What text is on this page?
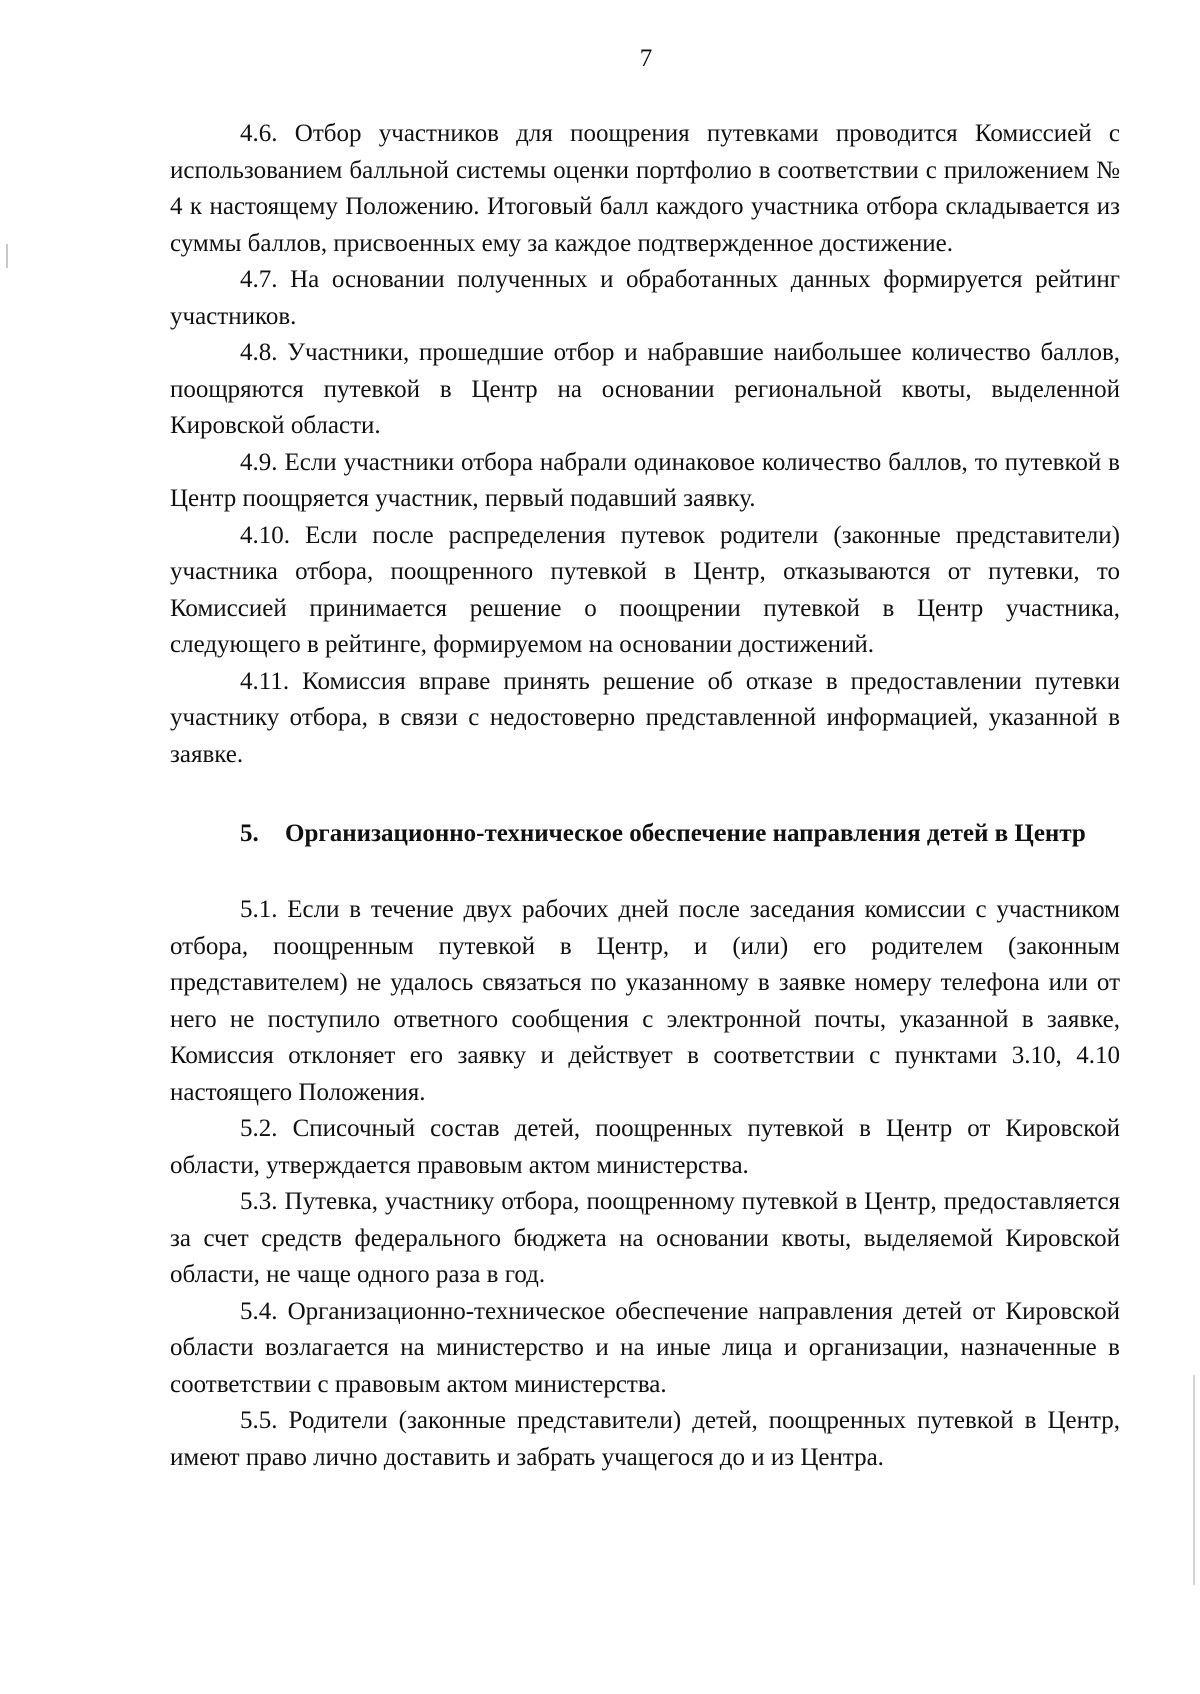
7

4.6. Отбор участников для поощрения путевками проводится Комиссией с использованием балльной системы оценки портфолио в соответствии с приложением № 4 к настоящему Положению. Итоговый балл каждого участника отбора складывается из суммы баллов, присвоенных ему за каждое подтвержденное достижение.

4.7. На основании полученных и обработанных данных формируется рейтинг участников.

4.8. Участники, прошедшие отбор и набравшие наибольшее количество баллов, поощряются путевкой в Центр на основании региональной квоты, выделенной Кировской области.

4.9. Если участники отбора набрали одинаковое количество баллов, то путевкой в Центр поощряется участник, первый подавший заявку.

4.10. Если после распределения путевок родители (законные представители) участника отбора, поощренного путевкой в Центр, отказываются от путевки, то Комиссией принимается решение о поощрении путевкой в Центр участника, следующего в рейтинге, формируемом на основании достижений.

4.11. Комиссия вправе принять решение об отказе в предоставлении путевки участнику отбора, в связи с недостоверно представленной информацией, указанной в заявке.

5. Организационно-техническое обеспечение направления детей в Центр

5.1. Если в течение двух рабочих дней после заседания комиссии с участником отбора, поощренным путевкой в Центр, и (или) его родителем (законным представителем) не удалось связаться по указанному в заявке номеру телефона или от него не поступило ответного сообщения с электронной почты, указанной в заявке, Комиссия отклоняет его заявку и действует в соответствии с пунктами 3.10, 4.10 настоящего Положения.

5.2. Списочный состав детей, поощренных путевкой в Центр от Кировской области, утверждается правовым актом министерства.

5.3. Путевка, участнику отбора, поощренному путевкой в Центр, предоставляется за счет средств федерального бюджета на основании квоты, выделяемой Кировской области, не чаще одного раза в год.

5.4. Организационно-техническое обеспечение направления детей от Кировской области возлагается на министерство и на иные лица и организации, назначенные в соответствии с правовым актом министерства.

5.5. Родители (законные представители) детей, поощренных путевкой в Центр, имеют право лично доставить и забрать учащегося до и из Центра.
